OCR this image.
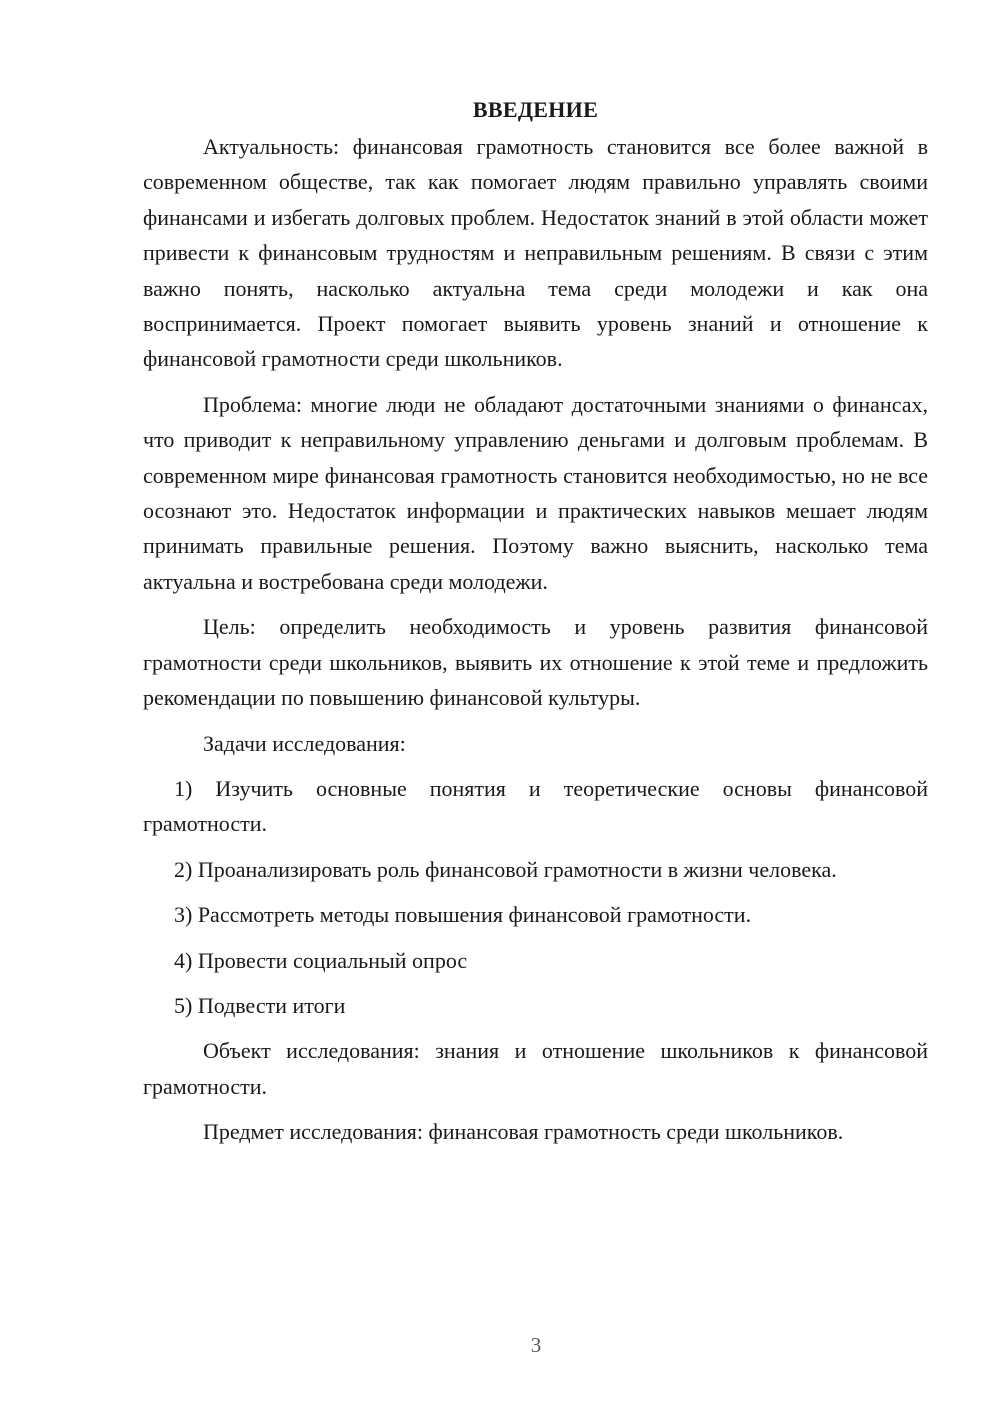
ВВЕДЕНИЕ

Актуальность: финансовая грамотность становится все более важной в современном обществе, так как помогает людям правильно управлять своими финансами и избегать долговых проблем. Недостаток знаний в этой области может привести к финансовым трудностям и неправильным решениям. В связи с этим важно понять, насколько актуальна тема среди молодежи и как она воспринимается. Проект помогает выявить уровень знаний и отношение к финансовой грамотности среди школьников.

Проблема: многие люди не обладают достаточными знаниями о финансах, что приводит к неправильному управлению деньгами и долговым проблемам. В современном мире финансовая грамотность становится необходимостью, но не все осознают это. Недостаток информации и практических навыков мешает людям принимать правильные решения. Поэтому важно выяснить, насколько тема актуальна и востребована среди молодежи.

Цель: определить необходимость и уровень развития финансовой грамотности среди школьников, выявить их отношение к этой теме и предложить рекомендации по повышению финансовой культуры.

Задачи исследования:

1) Изучить основные понятия и теоретические основы финансовой грамотности.

2) Проанализировать роль финансовой грамотности в жизни человека.

3) Рассмотреть методы повышения финансовой грамотности.

4) Провести социальный опрос

5) Подвести итоги

Объект исследования: знания и отношение школьников к финансовой грамотности.

Предмет исследования: финансовая грамотность среди школьников.

3
